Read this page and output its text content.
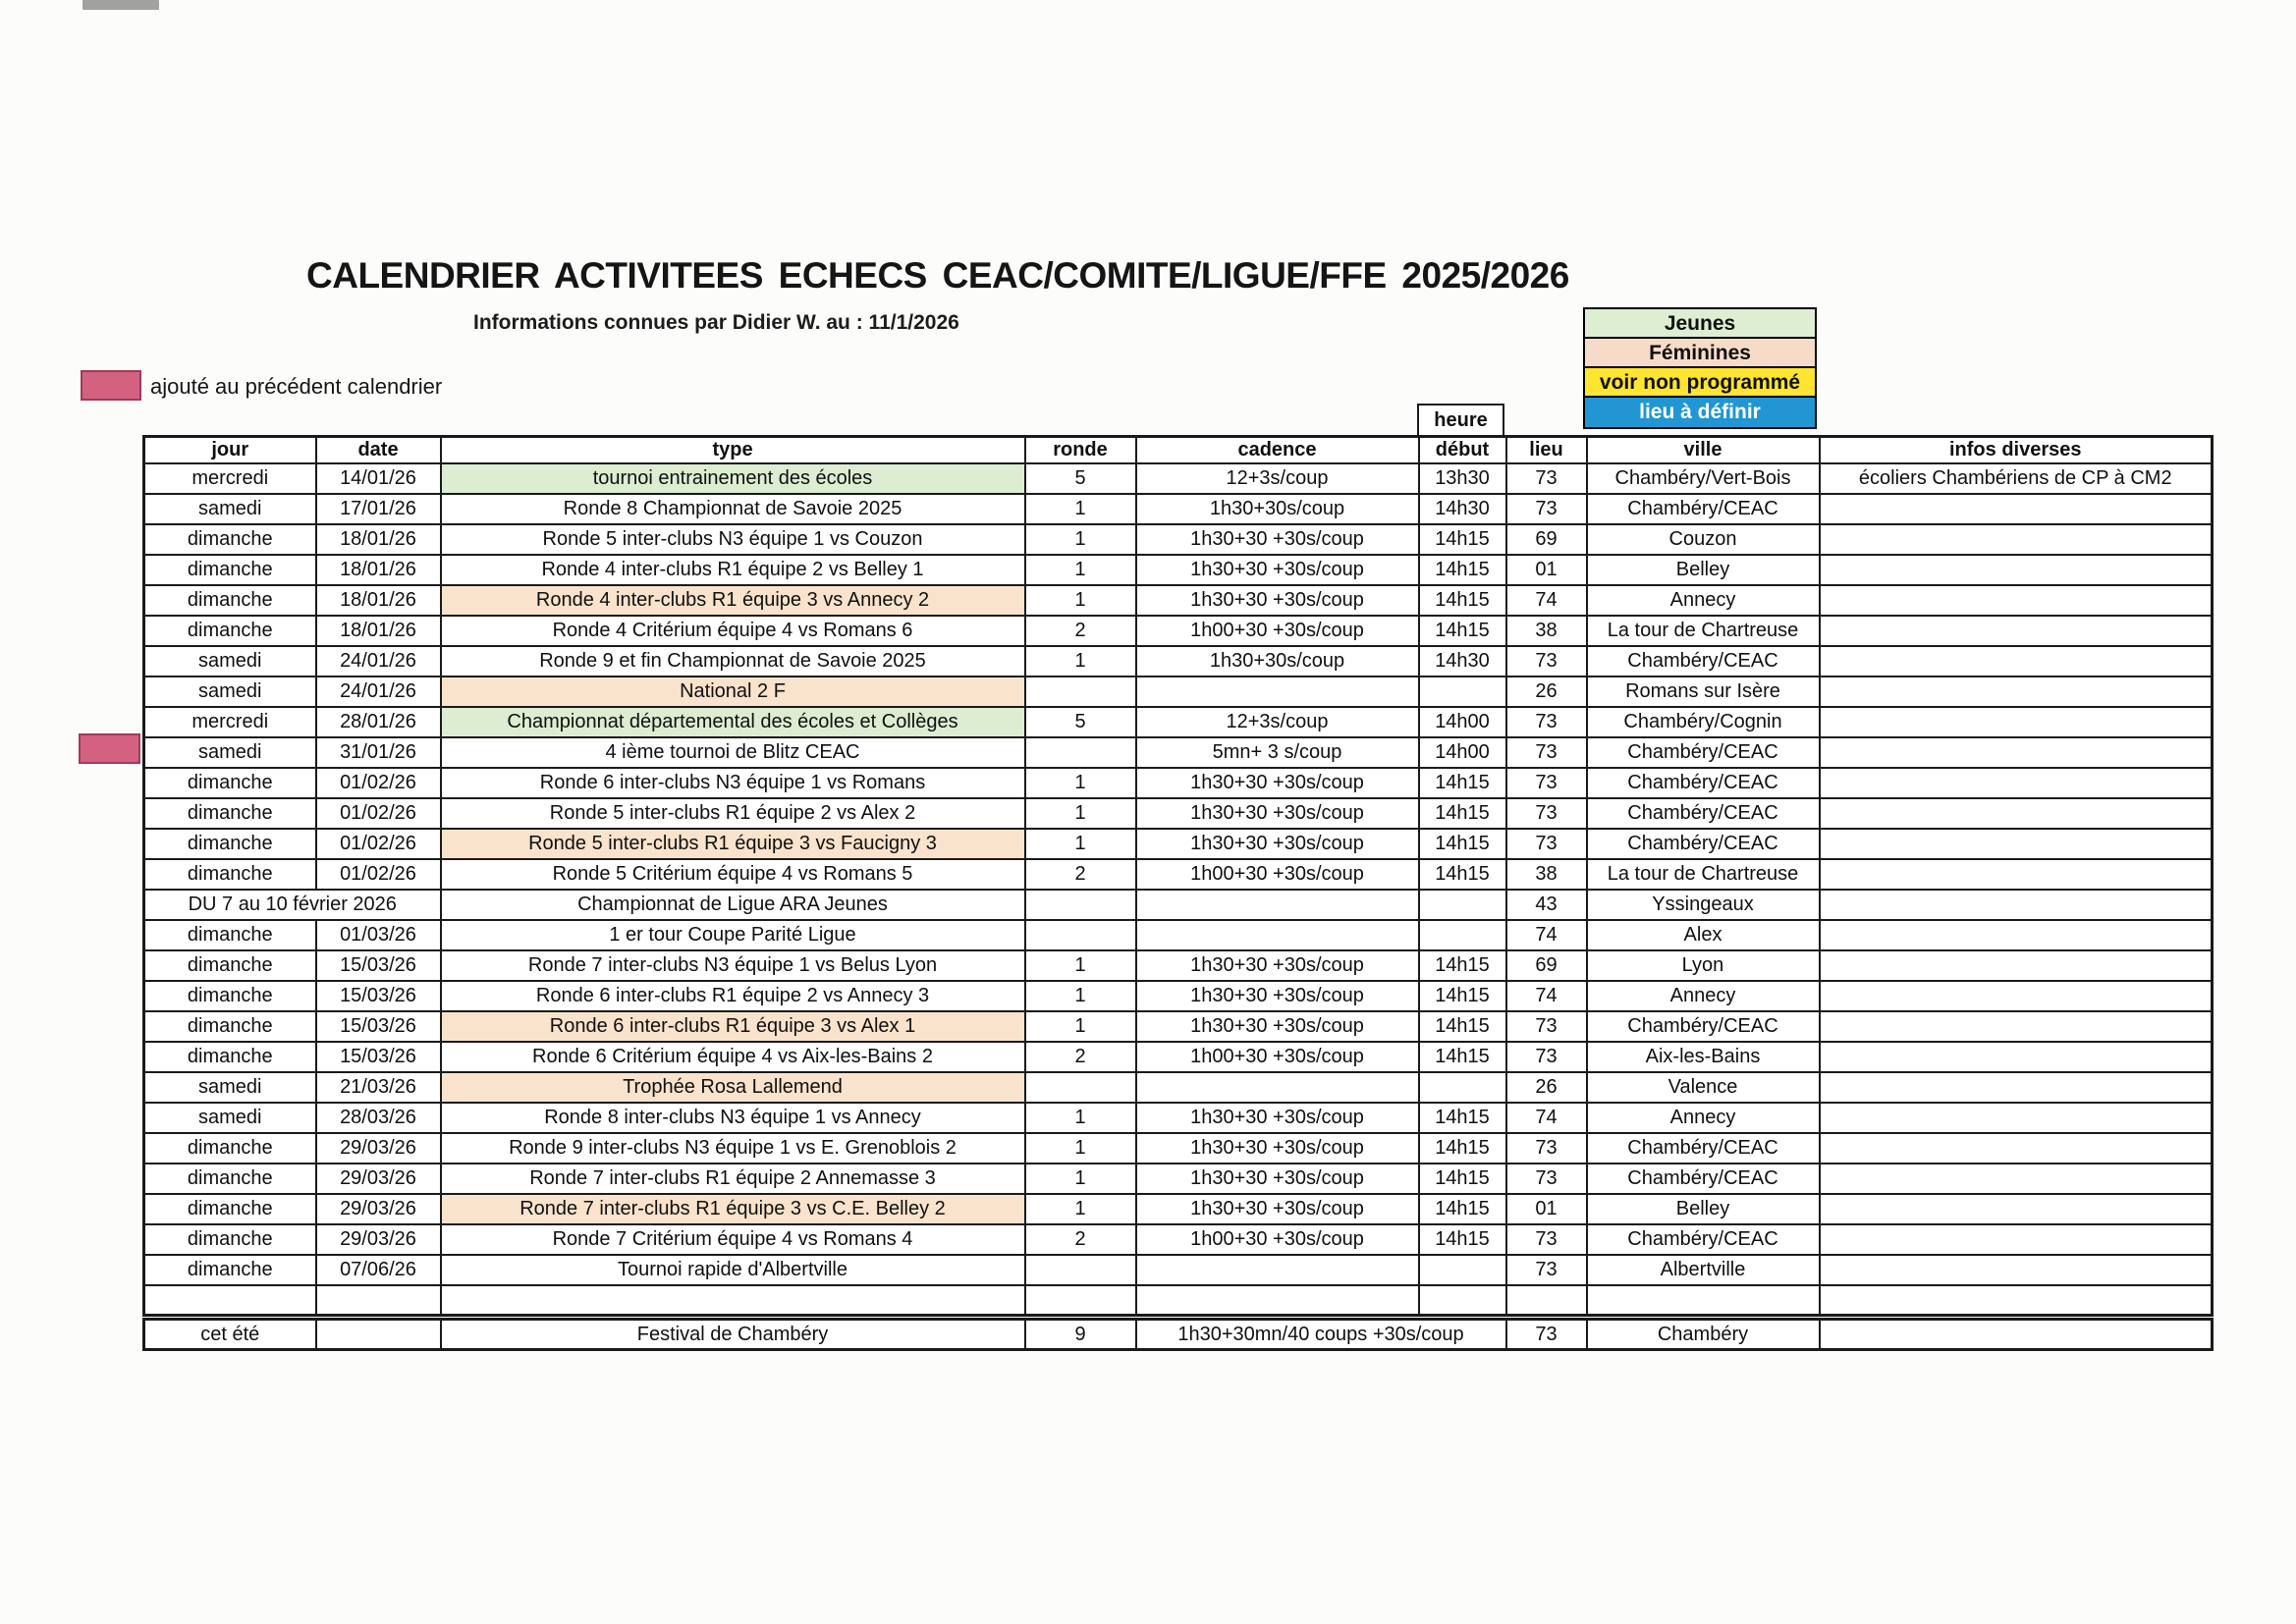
CALENDRIER ACTIVITEES ECHECS CEAC/COMITE/LIGUE/FFE 2025/2026
Informations connues par Didier W. au : 11/1/2026
ajouté au précédent calendrier
Jeunes
Féminines
voir non programmé
lieu à définir
heure
jour	date	type	ronde	cadence	début	lieu	ville	infos diverses
mercredi	14/01/26	tournoi entrainement des écoles	5	12+3s/coup	13h30	73	Chambéry/Vert-Bois	écoliers Chambériens de CP à CM2
samedi	17/01/26	Ronde 8 Championnat de Savoie 2025	1	1h30+30s/coup	14h30	73	Chambéry/CEAC	
dimanche	18/01/26	Ronde 5 inter-clubs N3 équipe 1 vs Couzon	1	1h30+30 +30s/coup	14h15	69	Couzon	
dimanche	18/01/26	Ronde 4 inter-clubs R1 équipe 2 vs Belley 1	1	1h30+30 +30s/coup	14h15	01	Belley	
dimanche	18/01/26	Ronde 4 inter-clubs R1 équipe 3 vs Annecy 2	1	1h30+30 +30s/coup	14h15	74	Annecy	
dimanche	18/01/26	Ronde 4 Critérium équipe 4 vs Romans 6	2	1h00+30 +30s/coup	14h15	38	La tour de Chartreuse	
samedi	24/01/26	Ronde 9 et fin Championnat de Savoie 2025	1	1h30+30s/coup	14h30	73	Chambéry/CEAC	
samedi	24/01/26	National 2 F				26	Romans sur Isère	
mercredi	28/01/26	Championnat départemental des écoles et Collèges	5	12+3s/coup	14h00	73	Chambéry/Cognin	
samedi	31/01/26	4 ième tournoi de Blitz CEAC		5mn+ 3 s/coup	14h00	73	Chambéry/CEAC	
dimanche	01/02/26	Ronde 6 inter-clubs N3 équipe 1 vs Romans	1	1h30+30 +30s/coup	14h15	73	Chambéry/CEAC	
dimanche	01/02/26	Ronde 5 inter-clubs R1 équipe 2 vs Alex 2	1	1h30+30 +30s/coup	14h15	73	Chambéry/CEAC	
dimanche	01/02/26	Ronde 5 inter-clubs R1 équipe 3 vs Faucigny 3	1	1h30+30 +30s/coup	14h15	73	Chambéry/CEAC	
dimanche	01/02/26	Ronde 5 Critérium équipe 4 vs Romans 5	2	1h00+30 +30s/coup	14h15	38	La tour de Chartreuse	
DU 7 au 10 février 2026		Championnat de Ligue ARA Jeunes				43	Yssingeaux	
dimanche	01/03/26	1 er tour Coupe Parité Ligue				74	Alex	
dimanche	15/03/26	Ronde 7 inter-clubs N3 équipe 1 vs Belus Lyon	1	1h30+30 +30s/coup	14h15	69	Lyon	
dimanche	15/03/26	Ronde 6 inter-clubs R1 équipe 2 vs Annecy 3	1	1h30+30 +30s/coup	14h15	74	Annecy	
dimanche	15/03/26	Ronde 6 inter-clubs R1 équipe 3 vs Alex 1	1	1h30+30 +30s/coup	14h15	73	Chambéry/CEAC	
dimanche	15/03/26	Ronde 6 Critérium équipe 4 vs Aix-les-Bains 2	2	1h00+30 +30s/coup	14h15	73	Aix-les-Bains	
samedi	21/03/26	Trophée Rosa Lallemend				26	Valence	
samedi	28/03/26	Ronde 8 inter-clubs N3 équipe 1 vs Annecy	1	1h30+30 +30s/coup	14h15	74	Annecy	
dimanche	29/03/26	Ronde 9 inter-clubs N3 équipe 1 vs E. Grenoblois 2	1	1h30+30 +30s/coup	14h15	73	Chambéry/CEAC	
dimanche	29/03/26	Ronde 7 inter-clubs R1 équipe 2 Annemasse 3	1	1h30+30 +30s/coup	14h15	73	Chambéry/CEAC	
dimanche	29/03/26	Ronde 7 inter-clubs R1 équipe 3 vs C.E. Belley 2	1	1h30+30 +30s/coup	14h15	01	Belley	
dimanche	29/03/26	Ronde 7 Critérium équipe 4 vs Romans 4	2	1h00+30 +30s/coup	14h15	73	Chambéry/CEAC	
dimanche	07/06/26	Tournoi rapide d'Albertville				73	Albertville	

cet été		Festival de Chambéry	9	1h30+30mn/40 coups +30s/coup	73	Chambéry	
